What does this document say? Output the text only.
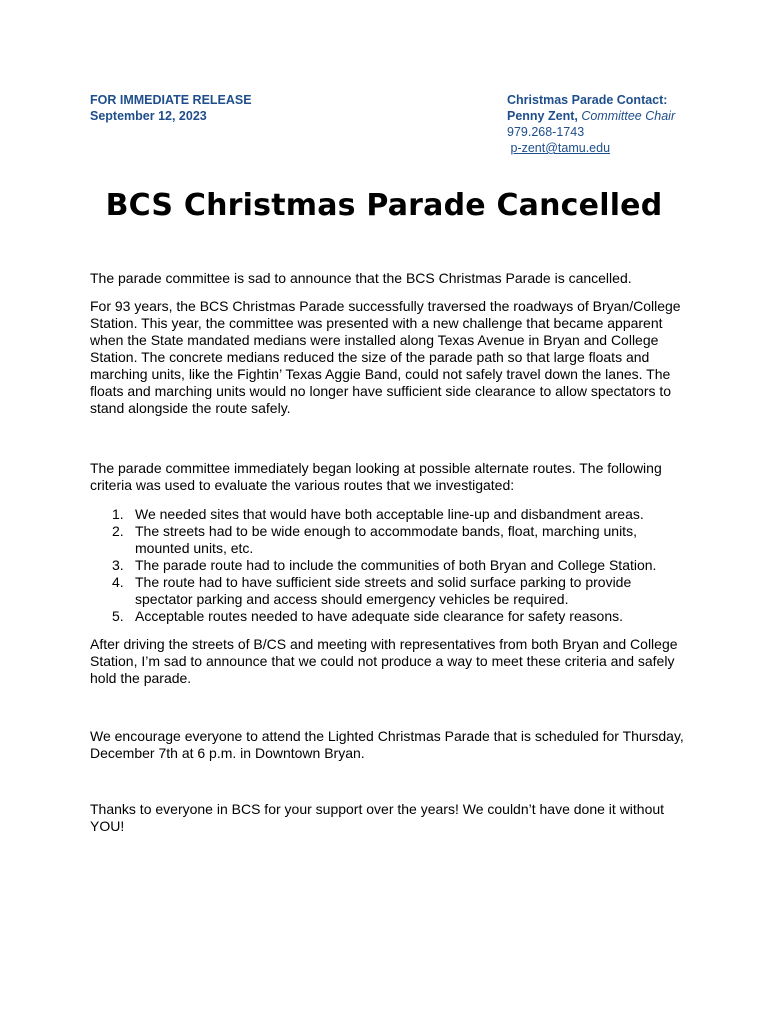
FOR IMMEDIATE RELEASE
September 12, 2023
Christmas Parade Contact:
Penny Zent, Committee Chair
979.268-1743
p-zent@tamu.edu
BCS Christmas Parade Cancelled
The parade committee is sad to announce that the BCS Christmas Parade is cancelled.
For 93 years, the BCS Christmas Parade successfully traversed the roadways of Bryan/College Station. This year, the committee was presented with a new challenge that became apparent when the State mandated medians were installed along Texas Avenue in Bryan and College Station. The concrete medians reduced the size of the parade path so that large floats and marching units, like the Fightin’ Texas Aggie Band, could not safely travel down the lanes. The floats and marching units would no longer have sufficient side clearance to allow spectators to stand alongside the route safely.
The parade committee immediately began looking at possible alternate routes. The following criteria was used to evaluate the various routes that we investigated:
1. We needed sites that would have both acceptable line-up and disbandment areas.
2. The streets had to be wide enough to accommodate bands, float, marching units, mounted units, etc.
3. The parade route had to include the communities of both Bryan and College Station.
4. The route had to have sufficient side streets and solid surface parking to provide spectator parking and access should emergency vehicles be required.
5. Acceptable routes needed to have adequate side clearance for safety reasons.
After driving the streets of B/CS and meeting with representatives from both Bryan and College Station, I’m sad to announce that we could not produce a way to meet these criteria and safely hold the parade.
We encourage everyone to attend the Lighted Christmas Parade that is scheduled for Thursday, December 7th at 6 p.m. in Downtown Bryan.
Thanks to everyone in BCS for your support over the years! We couldn’t have done it without YOU!
